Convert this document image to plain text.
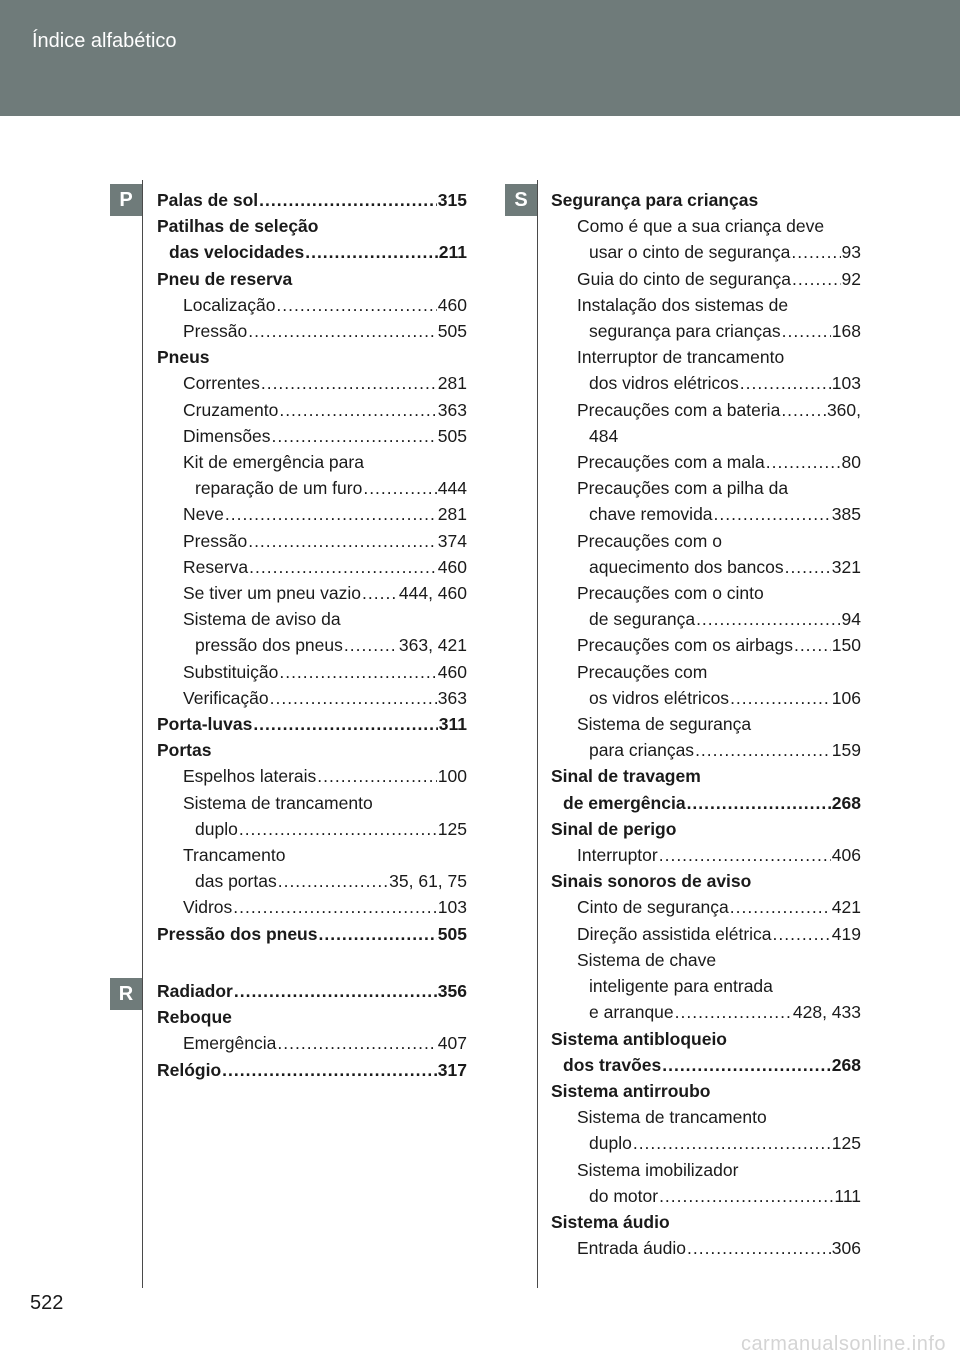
Índice alfabético
P
R
S
Palas de sol .....	315
Patilhas de seleção
das velocidades .....	211
Pneu de reserva
Localização .....	460
Pressão .....	505
Pneus
Correntes .....	281
Cruzamento .....	363
Dimensões .....	505
Kit de emergência para
reparação de um furo .....	444
Neve .....	281
Pressão .....	374
Reserva .....	460
Se tiver um pneu vazio ..... 444, 460
Sistema de aviso da
pressão dos pneus .....	363, 421
Substituição .....	460
Verificação .....	363
Porta-luvas .....	311
Portas
Espelhos laterais .....	100
Sistema de trancamento
duplo .....	125
Trancamento
das portas .....	35, 61, 75
Vidros .....	103
Pressão dos pneus .....	505
Radiador .....	356
Reboque
Emergência .....	407
Relógio .....	317
Segurança para crianças
Como é que a sua criança deve
usar o cinto de segurança .....	93
Guia do cinto de segurança .....	92
Instalação dos sistemas de
segurança para crianças .....	168
Interruptor de trancamento
dos vidros elétricos .....	103
Precauções com a bateria .....	360,
484
Precauções com a mala .....	80
Precauções com a pilha da
chave removida .....	385
Precauções com o
aquecimento dos bancos .....	321
Precauções com o cinto
de segurança .....	94
Precauções com os airbags ..... 150
Precauções com
os vidros elétricos .....	106
Sistema de segurança
para crianças .....	159
Sinal de travagem
de emergência .....	268
Sinal de perigo
Interruptor .....	406
Sinais sonoros de aviso
Cinto de segurança .....	421
Direção assistida elétrica .....	419
Sistema de chave
inteligente para entrada
e arranque .....	428, 433
Sistema antibloqueio
dos travões .....	268
Sistema antirroubo
Sistema de trancamento
duplo .....	125
Sistema imobilizador
do motor .....	111
Sistema áudio
Entrada áudio .....	306
522
carmanualsonline.info
